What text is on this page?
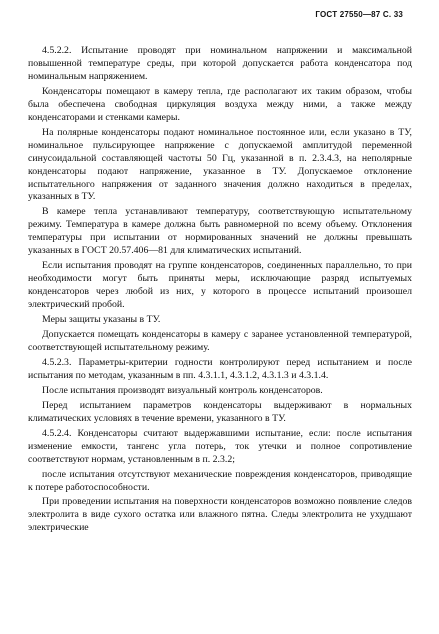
ГОСТ 27550—87 С. 33

4.5.2.2. Испытание проводят при номинальном напряжении и максимальной повышенной температуре среды, при которой допускается работа конденсатора под номинальным напряжением.

Конденсаторы помещают в камеру тепла, где располагают их таким образом, чтобы была обеспечена свободная циркуляция воздуха между ними, а также между конденсаторами и стенками камеры.

На полярные конденсаторы подают номинальное постоянное или, если указано в ТУ, номинальное пульсирующее напряжение с допускаемой амплитудой переменной синусоидальной составляющей частоты 50 Гц, указанной в п. 2.3.4.3, на неполярные конденсаторы подают напряжение, указанное в ТУ. Допускаемое отклонение испытательного напряжения от заданного значения должно находиться в пределах, указанных в ТУ.

В камере тепла устанавливают температуру, соответствующую испытательному режиму. Температура в камере должна быть равномерной по всему объему. Отклонения температуры при испытании от нормированных значений не должны превышать указанных в ГОСТ 20.57.406—81 для климатических испытаний.

Если испытания проводят на группе конденсаторов, соединенных параллельно, то при необходимости могут быть приняты меры, исключающие разряд испытуемых конденсаторов через любой из них, у которого в процессе испытаний произошел электрический пробой.

Меры защиты указаны в ТУ.

Допускается помещать конденсаторы в камеру с заранее установленной температурой, соответствующей испытательному режиму.

4.5.2.3. Параметры-критерии годности контролируют перед испытанием и после испытания по методам, указанным в пп. 4.3.1.1, 4.3.1.2, 4.3.1.3 и 4.3.1.4.

После испытания производят визуальный контроль конденсаторов.

Перед испытанием параметров конденсаторы выдерживают в нормальных климатических условиях в течение времени, указанного в ТУ.

4.5.2.4. Конденсаторы считают выдержавшими испытание, если: после испытания изменение емкости, тангенс угла потерь, ток утечки и полное сопротивление соответствуют нормам, установленным в п. 2.3.2;

после испытания отсутствуют механические повреждения конденсаторов, приводящие к потере работоспособности.

При проведении испытания на поверхности конденсаторов возможно появление следов электролита в виде сухого остатка или влажного пятна. Следы электролита не ухудшают электрические
